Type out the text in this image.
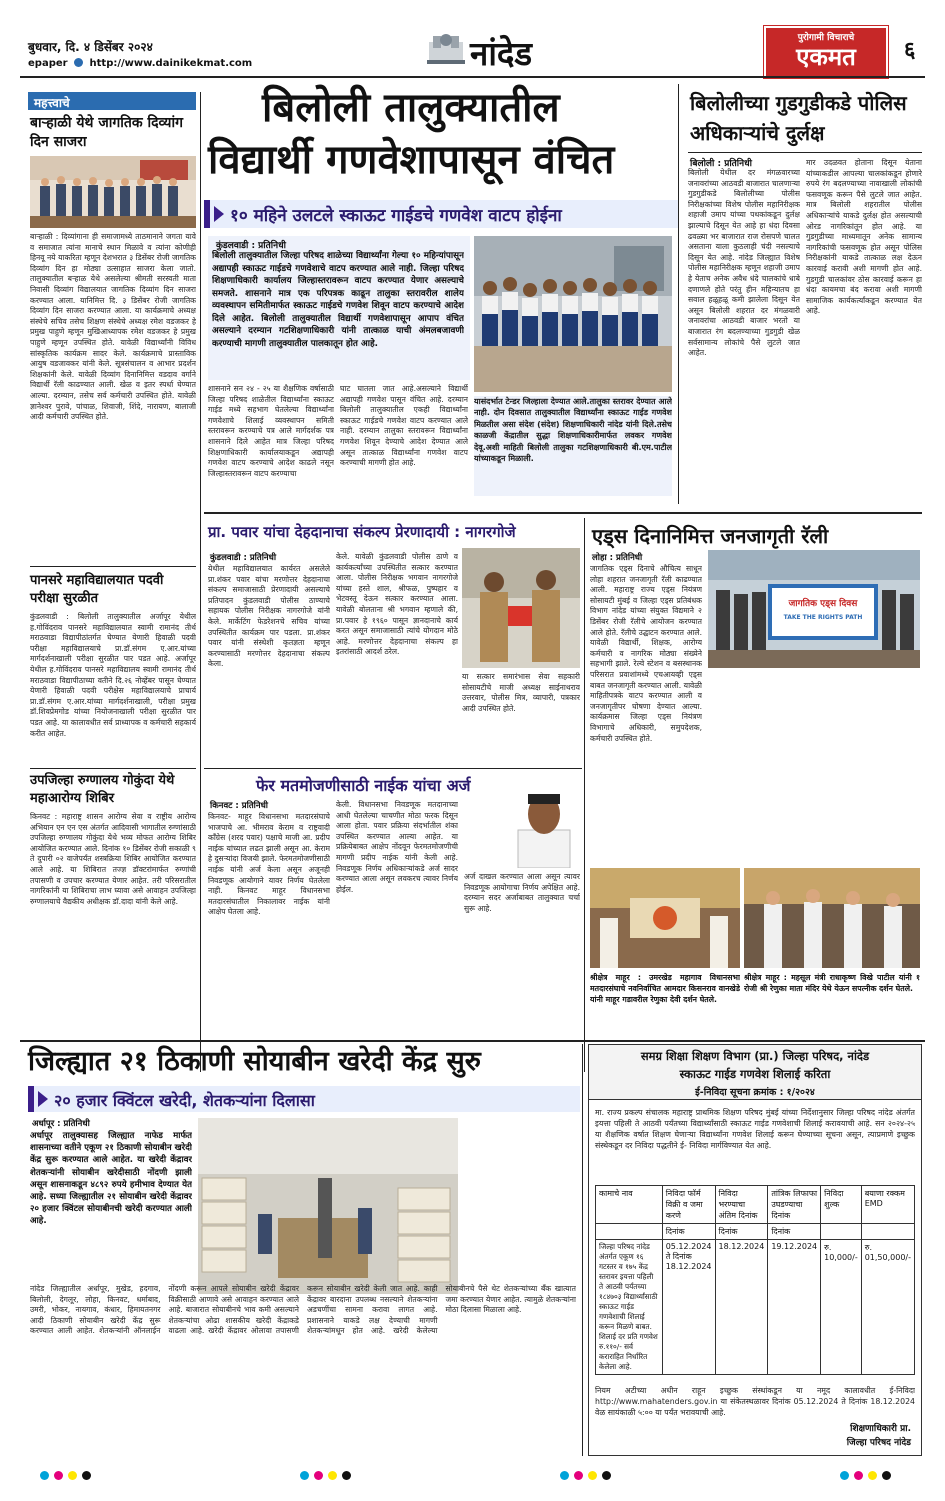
बुधवार, दि. ४ डिसेंबर २०२४
epaper http://www.dainikekmat.com	नांदेड	पुरोगामी विचाराचे
एकमत	६
महत्त्वाचे
बाऱ्हाळी येथे जागतिक दिव्यांग दिन साजरा
बाऱ्हाळी : दिव्यांगाना ही समाजामध्ये ताठमानाने जगता यावे व समाजात त्यांना मानाचे स्थान मिळावे व त्यांना कोणीही हिनवू नये याकरिता म्हणून देशभरात ३ डिसेंबर रोजी जागतिक दिव्यांग दिन हा मोठ्या उत्साहात साजरा केला जातो. तालुक्यातील बऱ्हाळ येथे असलेल्या श्रीमती सरस्वती माता निवासी दिव्यांग विद्यालयात जागतिक दिव्यांग दिन साजरा करण्यात आला. यानिमित्त दि. ३ डिसेंबर रोजी जागतिक दिव्यांग दिन साजरा करण्यात आला. या कार्यक्रमाचे अध्यक्ष संस्थेचे सचिव तसेच शिक्षण संस्थेचे अध्यक्ष रमेश वडजकर हे प्रमुख पाहुणे म्हणून मुखिआध्यापक रमेश वडजकर हे प्रमुख पाहुणे म्हणून उपस्थित होते. यावेळी विद्यार्थ्यांनी विविध सांस्कृतिक कार्यक्रम सादर केले. कार्यक्रमाचे प्रास्ताविक आयुष वडजावकर यांनी केले. सूत्रसंचालन व आभार प्रदर्शन शिक्षकांनी केले. यावेळी दिव्यांग दिनानिमित्त वडदाव वर्गाने विद्यार्थी रॅली काढण्यात आली. खेळ व इतर स्पर्धा घेण्यात आल्या. दरम्यान, तसेच सर्व कर्मचारी उपस्थित होते. यावेळी ज्ञानेश्वर पुरावे, पांचाळ, शिवाजी, शिंदे, नारायण, बालाजी आदी कर्मचारी उपस्थित होते.
पानसरे महाविद्यालयात पदवी परीक्षा सुरळीत
कुंडलवाडी : बिलोली तालुक्यातील अर्जापूर येथील ह.गोविंदराव पानसरे महाविद्यालयात स्वामी रामानंद तीर्थ मराठवाडा विद्यापीठांतर्गत घेण्यात येणारी हिवाळी पदवी परीक्षा महाविद्यालयाचे प्रा.डॉ.संगम ए.आर.यांच्या मार्गदर्शनाखाली परीक्षा सुरळीत पार पडत आहे. अर्जापूर येथील ह.गोविंदराव पानसरे महाविद्यालय स्वामी रामानंद तीर्थ मराठवाडा विद्यापीठाच्या वतीने दि.२६ नोव्हेंबर पासून घेण्यात येणारी हिवाळी पदवी परीक्षेस महाविद्यालयाचे प्राचार्य प्रा.डॉ.संगम ए.आर.यांच्या मार्गदर्शनाखाली, परीक्षा प्रमुख डॉ.शिवप्रेमगोड यांच्या नियोजनाखाली परीक्षा सुरळीत पार पडत आहे. या कालावधीत सर्व प्राध्यापक व कर्मचारी सहकार्य करीत आहेत.
उपजिल्हा रुग्णालय गोकुंदा येथे महाआरोग्य शिबिर
किनवट : महाराष्ट्र शासन आरोग्य सेवा व राष्ट्रीय आरोग्य अभियान एन एन एस अंतर्गत आदिवासी भागातील रुग्णांसाठी उपजिल्हा रुग्णालय गोकुंदा येथे भव्य मोफत आरोग्य शिबिर आयोजित करण्यात आले. दिनांक १० डिसेंबर रोजी सकाळी ९ ते दुपारी ०२ वाजेपर्यंत शस्त्रक्रिया शिबिर आयोजित करण्यात आले आहे. या शिबिरात तज्ज्ञ डॉक्टरांमार्फत रुग्णांची तपासणी व उपचार करण्यात येणार आहेत. तरी परिसरातील नागरिकांनी या शिबिराचा लाभ घ्यावा असे आवाहन उपजिल्हा रुग्णालयाचे वैद्यकीय अधीक्षक डॉ.दादा यांनी केले आहे.
बिलोली तालुक्यातील
विद्यार्थी गणवेशापासून वंचित
१० महिने उलटले स्काऊट गाईडचे गणवेश वाटप होईना
कुंडलवाडी : प्रतिनिधी
बिलोली तालुक्यातील जिल्हा परिषद शाळेच्या विद्यार्थ्यांना गेल्या १० महिन्यांपासून अद्यापही स्काऊट गाईडचे गणवेशाचे वाटप करण्यात आले नाही. जिल्हा परिषद शिक्षणाधिकारी कार्यालय जिल्हास्तरावरून वाटप करण्यात येणार असल्याचे समजते. शासनाने मात्र एक परिपत्रक काढून तालुका स्तरावरील शालेय व्यवस्थापन समितीमार्फत स्काऊट गाईडचे गणवेश शिवून वाटप करण्याचे आदेश दिले आहेत. बिलोली तालुक्यातील विद्यार्थी गणवेशापासून आपाप वंचित असल्याने दरम्यान गटशिक्षणाधिकारी यांनी तात्काळ याची अंमलबजावणी करण्याची मागणी तालुक्यातील पालकातून होत आहे.
यासंदर्भात टेन्डर जिल्हाला देण्यात आले.तालुका स्तरावर देण्यात आले नाही. दोन दिवसात तालुक्यातील विद्यार्थ्यांना स्काऊट गाईड गणवेश मिळतील असा संदेश (संदेश) शिक्षणाधिकारी नांदेड यांनी दिले.तसेच काळजी केंद्रातील सुद्धा शिक्षणाधिकारीमार्फत लवकर गणवेश देवू.अशी माहिती बिलोली तालुका गटशिक्षणाधिकारी बी.एम.पाटील यांच्याकडून मिळाली.
शासनाने सन २४ - २५ या शैक्षणिक वर्षासाठी जिल्हा परिषद शाळेतील विद्यार्थ्यांना स्काऊट गाईड मध्ये सहभाग घेतलेल्या विद्यार्थ्यांना गणवेशाचे शिलाई व्यवस्थापन समिती स्तरावरून करण्याचे पत्र आले मार्गदर्शक पत्र शासनाने दिले आहेत मात्र जिल्हा परिषद शिक्षणाधिकारी कार्यालयाकडून अद्यापही गणवेश वाटप करण्याचे आदेश काढले नसून जिल्हास्तरावरून वाटप करण्याचा
घाट घातला जात आहे.असल्याने विद्यार्थी अद्यापही गणवेश पासून वंचित आहे. दरम्यान बिलोली तालुक्यातील एकही विद्यार्थ्यांना स्काऊट गाईडचे गणवेश वाटप करण्यात आले नाही. दरम्यान तालुका स्तरावरून विद्यार्थ्यांना गणवेश शिवून देण्याचे आदेश देण्यात आले असून तात्काळ विद्यार्थ्यांना गणवेश वाटप करण्याची मागणी होत आहे.
बिलोलीच्या गुडगुडीकडे पोलिस अधिकाऱ्यांचे दुर्लक्ष
बिलोली : प्रतिनिधी
बिलोली येथील दर मंगळवारच्या जनावरांच्या आठवडी बाजारात चालणाऱ्या गुडगुडीकडे बिलोलीच्या पोलीस निरीक्षकांच्या विशेष पोलीस महानिरीक्षक शहाजी उमाप यांच्या पथकांकडून दुर्लक्ष झाल्याचे दिसून येत आहे हा धंदा दिवसा ढवळ्या भर बाजारात राज रोसपणे चालत असताना याला कुठलाही चंदी नसल्याचे दिसून येत आहे. नांदेड जिल्ह्यात विशेष पोलीस महानिरीक्षक म्हणून शहाजी उमाप हे येताच अनेक अवैध धंदे चालकांचे धाबे दणाणले होते परंतु हीन महिन्यातच हा सवाल हळूहळू कमी झालेला दिसून येत असून बिलोली शहरात दर मंगळवारी जनावरांचा आठवडी बाजार भरतो या बाजारात रंग बदलण्याच्या गुडगुडी खेळ सर्वसामान्य लोकांचे पैसे लुटले जात आहेत.
मार उदळवत होताना दिसून येताना यांच्याकडील आपल्या चालकांकडून होणारे रुपये रंग बदलण्याच्या नावाखाली लोकांची फसवणूक करून पैसे लुटले जात आहेत. मात्र बिलोली शहरातील पोलीस अधिकाऱ्यांचे याकडे दुर्लक्ष होत असल्याची ओरड नागरिकांतून होत आहे. या गुडगुडीच्या माध्यमातून अनेक सामान्य नागरिकांची फसवणूक होत असून पोलिस निरीक्षकांनी याकडे तात्काळ लक्ष देऊन कारवाई करावी अशी मागणी होत आहे. गुडगुडी चालकांवर ठोस कारवाई करून हा धंदा कायमचा बंद करावा अशी मागणी सामाजिक कार्यकर्त्यांकडून करण्यात येत आहे.
प्रा. पवार यांचा देहदानाचा संकल्प प्रेरणादायी : नागरगोजे
कुंडलवाडी : प्रतिनिधी
येथील महाविद्यालयात कार्यरत असलेले प्रा.शंकर पवार यांचा मरणोत्तर देहदानाचा संकल्प समाजासाठी प्रेरणादायी असल्याचे प्रतिपादन कुंडलवाडी पोलीस ठाण्याचे सहायक पोलीस निरीक्षक नागरगोजे यांनी केले. मार्केटिंग फेडरेशनचे सचिव यांच्या उपस्थितीत कार्यक्रम पार पडला. प्रा.शंकर पवार यांनी संस्थेशी कृतज्ञता म्हणून करण्यासाठी मरणोत्तर देहदानाचा संकल्प केला.
केले. यावेळी कुंडलवाडी पोलीस ठाणे व कार्यकर्त्यांच्या उपस्थितीत सत्कार करण्यात आला. पोलीस निरीक्षक भगवान नागरगोजे यांच्या हस्ते शाल, श्रीफळ, पुष्पहार व भेटवस्तू देऊन सत्कार करण्यात आला. यावेळी बोलताना श्री भगवान म्हणाले की, प्रा.पवार हे १९६० पासून ज्ञानदानाचे कार्य करत असून समाजासाठी त्यांचे योगदान मोठे आहे. मरणोत्तर देहदानाचा संकल्प हा इतरांसाठी आदर्श ठरेल.
या सत्कार समारंभास सेवा सहकारी सोसायटीचे माजी अध्यक्ष साईनाथराव उत्तरवार, पोलीस मित्र, व्यापारी, पत्रकार आदी उपस्थित होते.
फेर मतमोजणीसाठी नाईक यांचा अर्ज
किनवट : प्रतिनिधी
किनवट- माहूर विधानसभा मतदारसंघाचे भाजपाचे आ. भीमराव केराम व राष्ट्रवादी काँग्रेस (शरद पवार) पक्षाचे माजी आ. प्रदीप नाईक यांच्यात लढत झाली असून आ. केराम हे दुसऱ्यांदा विजयी झाले. फेरमतमोजणीसाठी नाईक यांनी अर्ज केला असून अजूनही निवडणूक आयोगाने यावर निर्णय घेतलेला नाही. किनवट माहूर विधानसभा मतदारसंघातील निकालावर नाईक यांनी आक्षेप घेतला आहे.
केली. विधानसभा निवडणूक मतदानाच्या आधी घेतलेल्या चाचणीत मोठा फरक दिसून आला होता. पवार प्रक्रिया संदर्भातील शंका उपस्थित करण्यात आल्या आहेत. या प्रक्रियेबाबत आक्षेप नोंदवून फेरमतमोजणीची मागणी प्रदीप नाईक यांनी केली आहे. निवडणूक निर्णय अधिकाऱ्यांकडे अर्ज सादर करण्यात आला असून लवकरच त्यावर निर्णय होईल.
अर्ज दाखल करण्यात आला असून त्यावर निवडणूक आयोगाचा निर्णय अपेक्षित आहे. दरम्यान सदर अर्जाबाबत तालुक्यात चर्चा सुरू आहे.
एड्स दिनानिमित्त जनजागृती रॅली
लोहा : प्रतिनिधी
जागतिक एड्स दिनाचे औचित्य साधून लोहा शहरात जनजागृती रॅली काढण्यात आली. महाराष्ट्र राज्य एड्स नियंत्रण सोसायटी मुंबई व जिल्हा एड्स प्रतिबंधक विभाग नांदेड यांच्या संयुक्त विद्यमाने २ डिसेंबर रोजी रॅलीचे आयोजन करण्यात आले होते. रॅलीचे उद्घाटन करण्यात आले. यावेळी विद्यार्थी, शिक्षक, आरोग्य कर्मचारी व नागरिक मोठ्या संख्येने सहभागी झाले. रेल्वे स्टेशन व बसस्थानक परिसरात प्रवाशांमध्ये एचआयव्ही एड्स बाबत जनजागृती करण्यात आली. यावेळी माहितीपत्रके वाटप करण्यात आली व जनजागृतीपर घोषणा देण्यात आल्या. कार्यक्रमास जिल्हा एड्स नियंत्रण विभागाचे अधिकारी, समुपदेशक, कर्मचारी उपस्थित होते.
जागतिक एड्स दिवस
TAKE THE RIGHTS PATH
श्रीक्षेत्र माहूर : उमरखेड महागाव विधानसभा मतदारसंघाचे नवनिर्वाचित आमदार किसनराव वानखेडे यांनी माहूर गडावरील रेणुका देवी दर्शन घेतले.
श्रीक्षेत्र माहूर : महसूल मंत्री राधाकृष्ण विखे पाटील यांनी १ रोजी श्री रेणुका माता मंदिर येथे येऊन सपत्नीक दर्शन घेतले.
जिल्ह्यात २१ ठिकाणी सोयाबीन खरेदी केंद्र सुरु
२० हजार क्विंटल खरेदी, शेतकऱ्यांना दिलासा
अर्धापूर : प्रतिनिधी
अर्धापूर तालुक्यासह जिल्ह्यात नाफेड मार्फत शासनाच्या वतीने एकूण २१ ठिकाणी सोयाबीन खरेदी केंद्र सुरू करण्यात आले आहेत. या खरेदी केंद्रावर शेतकऱ्यांनी सोयाबीन खरेदीसाठी नोंदणी झाली असून शासनाकडून ४८९२ रुपये हमीभाव देण्यात येत आहे. सध्या जिल्ह्यातील २१ सोयाबीन खरेदी केंद्रावर २० हजार क्विंटल सोयाबीनची खरेदी करण्यात आली आहे.
नांदेड जिल्ह्यातील अर्धापूर, मुखेड, हदगाव, बिलोली, देगलूर, लोहा, किनवट, धर्माबाद, उमरी, भोकर, नायगाव, कंधार, हिमायतनगर आदी ठिकाणी सोयाबीन खरेदी केंद्र सुरू करण्यात आली आहेत. शेतकऱ्यांनी ऑनलाईन नोंदणी करून आपले सोयाबीन खरेदी केंद्रावर विक्रीसाठी आणावे असे आवाहन करण्यात आले आहे. बाजारात सोयाबीनचे भाव कमी असल्याने शेतकऱ्यांचा ओढा शासकीय खरेदी केंद्राकडे वाढला आहे. खरेदी केंद्रावर ओलावा तपासणी करून सोयाबीन खरेदी केली जात आहे. काही केंद्रावर बारदाना उपलब्ध नसल्याने शेतकऱ्यांना अडचणींचा सामना करावा लागत आहे. प्रशासनाने याकडे लक्ष देण्याची मागणी शेतकऱ्यांमधून होत आहे. खरेदी केलेल्या सोयाबीनचे पैसे थेट शेतकऱ्यांच्या बँक खात्यात जमा करण्यात येणार आहेत. त्यामुळे शेतकऱ्यांना मोठा दिलासा मिळाला आहे.
समग्र शिक्षा शिक्षण विभाग (प्रा.) जिल्हा परिषद, नांदेड
स्काऊट गाईड गणवेश शिलाई करिता
ई-निविदा सूचना क्रमांक : १/२०२४
मा. राज्य प्रकल्प संचालक महाराष्ट्र प्राथमिक शिक्षण परिषद मुंबई यांच्या निर्देशानुसार जिल्हा परिषद नांदेड अंतर्गत इयत्ता पहिली ते आठवी पर्यंतच्या विद्यार्थ्यांसाठी स्काऊट गाईड गणवेशाची शिलाई करावयाची आहे. सन २०२४-२५ या शैक्षणिक वर्षात शिक्षण घेणाऱ्या विद्यार्थ्यांना गणवेश शिलाई करून घेण्याच्या सूचना असून, त्याप्रमाणे इच्छुक संस्थेकडून दर निविदा पद्धतीने ई- निविदा मार्गविण्यात येत आहे.
कामाचे नाव	निविदा फॉर्म विक्री व जमा करणे	निविदा भरण्याचा अंतिम दिनांक	तांत्रिक लिफाफा उघडण्याचा दिनांक	निविदा शुल्क	बयाणा रक्कम EMD
	दिनांक	दिनांक	दिनांक		
जिल्हा परिषद नांदेड अंतर्गत एकूण १६ गटस्तर व १७५ केंद्र स्तरावर इयत्ता पहिली ते आठवी पर्यंतच्या १८४७०३ विद्यार्थ्यांसाठी स्काऊट गाईड गणवेशाची शिलाई करून मिळणे बाबत. शिलाई दर प्रति गणवेश रु.११०/- सर्व कराराहित निर्धारित केलेला आहे.	05.12.2024 ते दिनांक 18.12.2024	18.12.2024	19.12.2024	रु. 10,000/-	रु. 01,50,000/-
नियम अटीच्या अधीन राहून इच्छुक संस्थांकडून या नमूद कालावधीत ई-निविदा http://www.mahatenders.gov.in या संकेतस्थळावर दिनांक 05.12.2024 ते दिनांक 18.12.2024 वेळ सायंकाळी ५:०० या पर्यंत भरावयाची आहे.
शिक्षणाधिकारी प्रा.
जिल्हा परिषद नांदेड
